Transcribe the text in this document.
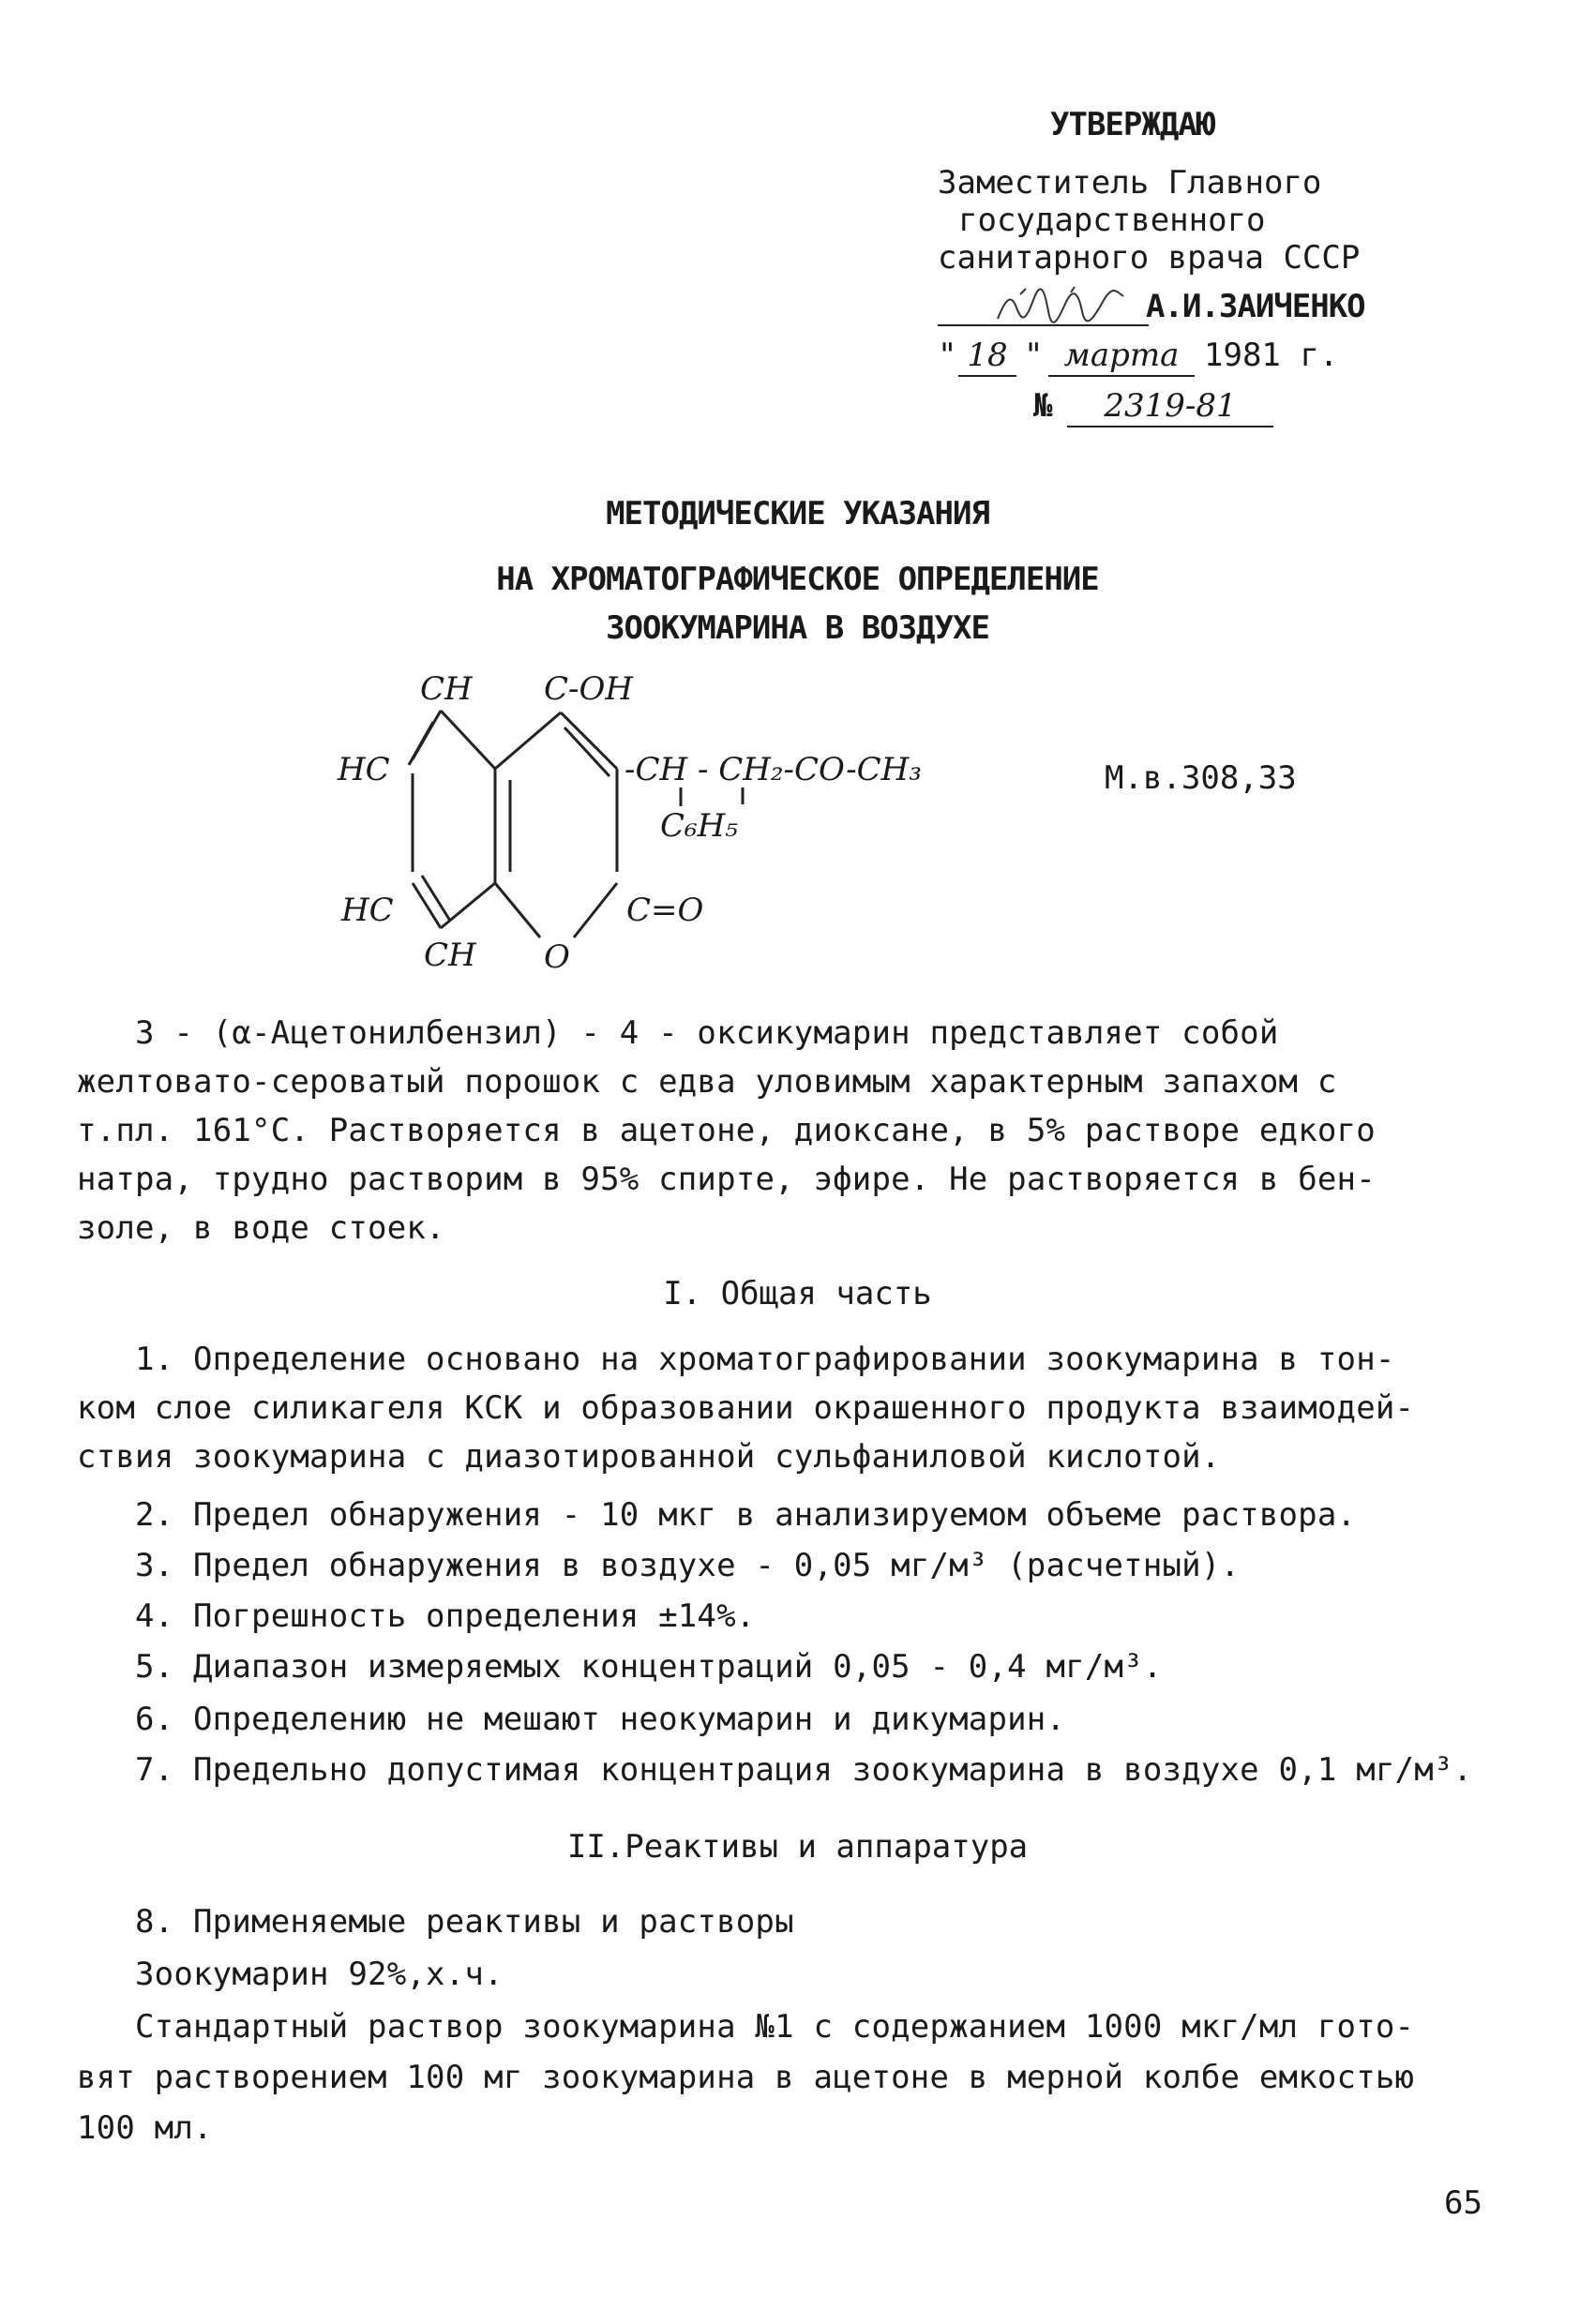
УТВЕРЖДАЮ
Заместитель Главного
государственного
санитарного врача СССР
А.И.ЗАИЧЕНКО
" 18 " марта 1981 г.
№	2319-81
МЕТОДИЧЕСКИЕ УКАЗАНИЯ
НА ХРОМАТОГРАФИЧЕСКОЕ ОПРЕДЕЛЕНИЕ
ЗООКУМАРИНА В ВОЗДУХЕ
CH C-OH
HC	-CH - CH₂-CO-CH₃
C₆H₅
HC	C=O
CH O
М.в.308,33
3 - (α-Ацетонилбензил) - 4 - оксикумарин представляет собой
желтовато-сероватый порошок с едва уловимым характерным запахом с
т.пл. 161°С. Растворяется в ацетоне, диоксане, в 5% растворе едкого
натра, трудно растворим в 95% спирте, эфире. Не растворяется в бен-
золе, в воде стоек.
I. Общая часть
1. Определение основано на хроматографировании зоокумарина в тон-
ком слое силикагеля КСК и образовании окрашенного продукта взаимодей-
ствия зоокумарина с диазотированной сульфаниловой кислотой.
2. Предел обнаружения - 10 мкг в анализируемом объеме раствора.
3. Предел обнаружения в воздухе - 0,05 мг/м³ (расчетный).
4. Погрешность определения ±14%.
5. Диапазон измеряемых концентраций 0,05 - 0,4 мг/м³.
6. Определению не мешают неокумарин и дикумарин.
7. Предельно допустимая концентрация зоокумарина в воздухе 0,1 мг/м³.
II.Реактивы и аппаратура
8. Применяемые реактивы и растворы
Зоокумарин 92%,х.ч.
Стандартный раствор зоокумарина №1 с содержанием 1000 мкг/мл гото-
вят растворением 100 мг зоокумарина в ацетоне в мерной колбе емкостью
100 мл.
65
